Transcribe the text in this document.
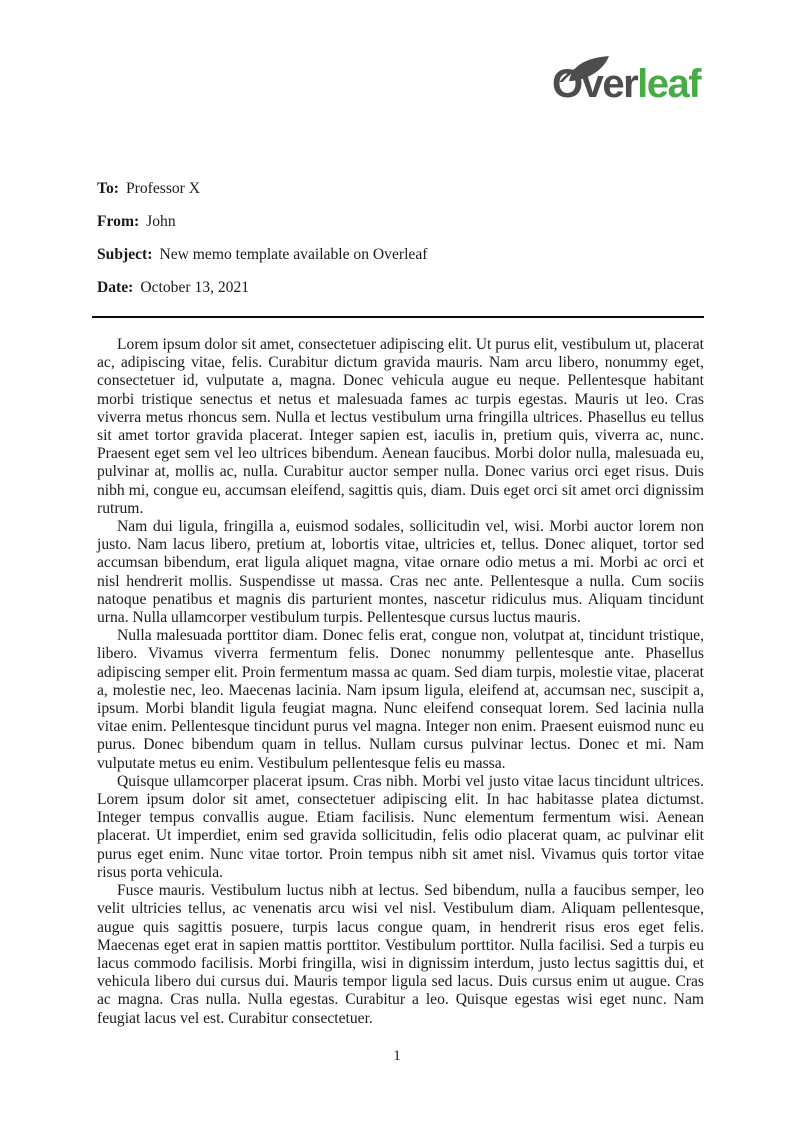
Overleaf
To: Professor X
From: John
Subject: New memo template available on Overleaf
Date: October 13, 2021

Lorem ipsum dolor sit amet, consectetuer adipiscing elit. Ut purus elit, vestibulum ut, placerat ac, adipiscing vitae, felis. Curabitur dictum gravida mauris. Nam arcu libero, nonummy eget, consectetuer id, vulputate a, magna. Donec vehicula augue eu neque. Pellentesque habitant morbi tristique senectus et netus et malesuada fames ac turpis egestas. Mauris ut leo. Cras viverra metus rhoncus sem. Nulla et lectus vestibulum urna fringilla ultrices. Phasellus eu tellus sit amet tortor gravida placerat. Integer sapien est, iaculis in, pretium quis, viverra ac, nunc. Praesent eget sem vel leo ultrices bibendum. Aenean faucibus. Morbi dolor nulla, malesuada eu, pulvinar at, mollis ac, nulla. Curabitur auctor semper nulla. Donec varius orci eget risus. Duis nibh mi, congue eu, accumsan eleifend, sagittis quis, diam. Duis eget orci sit amet orci dignissim rutrum.

Nam dui ligula, fringilla a, euismod sodales, sollicitudin vel, wisi. Morbi auctor lorem non justo. Nam lacus libero, pretium at, lobortis vitae, ultricies et, tellus. Donec aliquet, tortor sed accumsan bibendum, erat ligula aliquet magna, vitae ornare odio metus a mi. Morbi ac orci et nisl hendrerit mollis. Suspendisse ut massa. Cras nec ante. Pellentesque a nulla. Cum sociis natoque penatibus et magnis dis parturient montes, nascetur ridiculus mus. Aliquam tincidunt urna. Nulla ullamcorper vestibulum turpis. Pellentesque cursus luctus mauris.

Nulla malesuada porttitor diam. Donec felis erat, congue non, volutpat at, tincidunt tristique, libero. Vivamus viverra fermentum felis. Donec nonummy pellentesque ante. Phasellus adipiscing semper elit. Proin fermentum massa ac quam. Sed diam turpis, molestie vitae, placerat a, molestie nec, leo. Maecenas lacinia. Nam ipsum ligula, eleifend at, accumsan nec, suscipit a, ipsum. Morbi blandit ligula feugiat magna. Nunc eleifend consequat lorem. Sed lacinia nulla vitae enim. Pellentesque tincidunt purus vel magna. Integer non enim. Praesent euismod nunc eu purus. Donec bibendum quam in tellus. Nullam cursus pulvinar lectus. Donec et mi. Nam vulputate metus eu enim. Vestibulum pellentesque felis eu massa.

Quisque ullamcorper placerat ipsum. Cras nibh. Morbi vel justo vitae lacus tincidunt ultrices. Lorem ipsum dolor sit amet, consectetuer adipiscing elit. In hac habitasse platea dictumst. Integer tempus convallis augue. Etiam facilisis. Nunc elementum fermentum wisi. Aenean placerat. Ut imperdiet, enim sed gravida sollicitudin, felis odio placerat quam, ac pulvinar elit purus eget enim. Nunc vitae tortor. Proin tempus nibh sit amet nisl. Vivamus quis tortor vitae risus porta vehicula.

Fusce mauris. Vestibulum luctus nibh at lectus. Sed bibendum, nulla a faucibus semper, leo velit ultricies tellus, ac venenatis arcu wisi vel nisl. Vestibulum diam. Aliquam pellentesque, augue quis sagittis posuere, turpis lacus congue quam, in hendrerit risus eros eget felis. Maecenas eget erat in sapien mattis porttitor. Vestibulum porttitor. Nulla facilisi. Sed a turpis eu lacus commodo facilisis. Morbi fringilla, wisi in dignissim interdum, justo lectus sagittis dui, et vehicula libero dui cursus dui. Mauris tempor ligula sed lacus. Duis cursus enim ut augue. Cras ac magna. Cras nulla. Nulla egestas. Curabitur a leo. Quisque egestas wisi eget nunc. Nam feugiat lacus vel est. Curabitur consectetuer.

1
